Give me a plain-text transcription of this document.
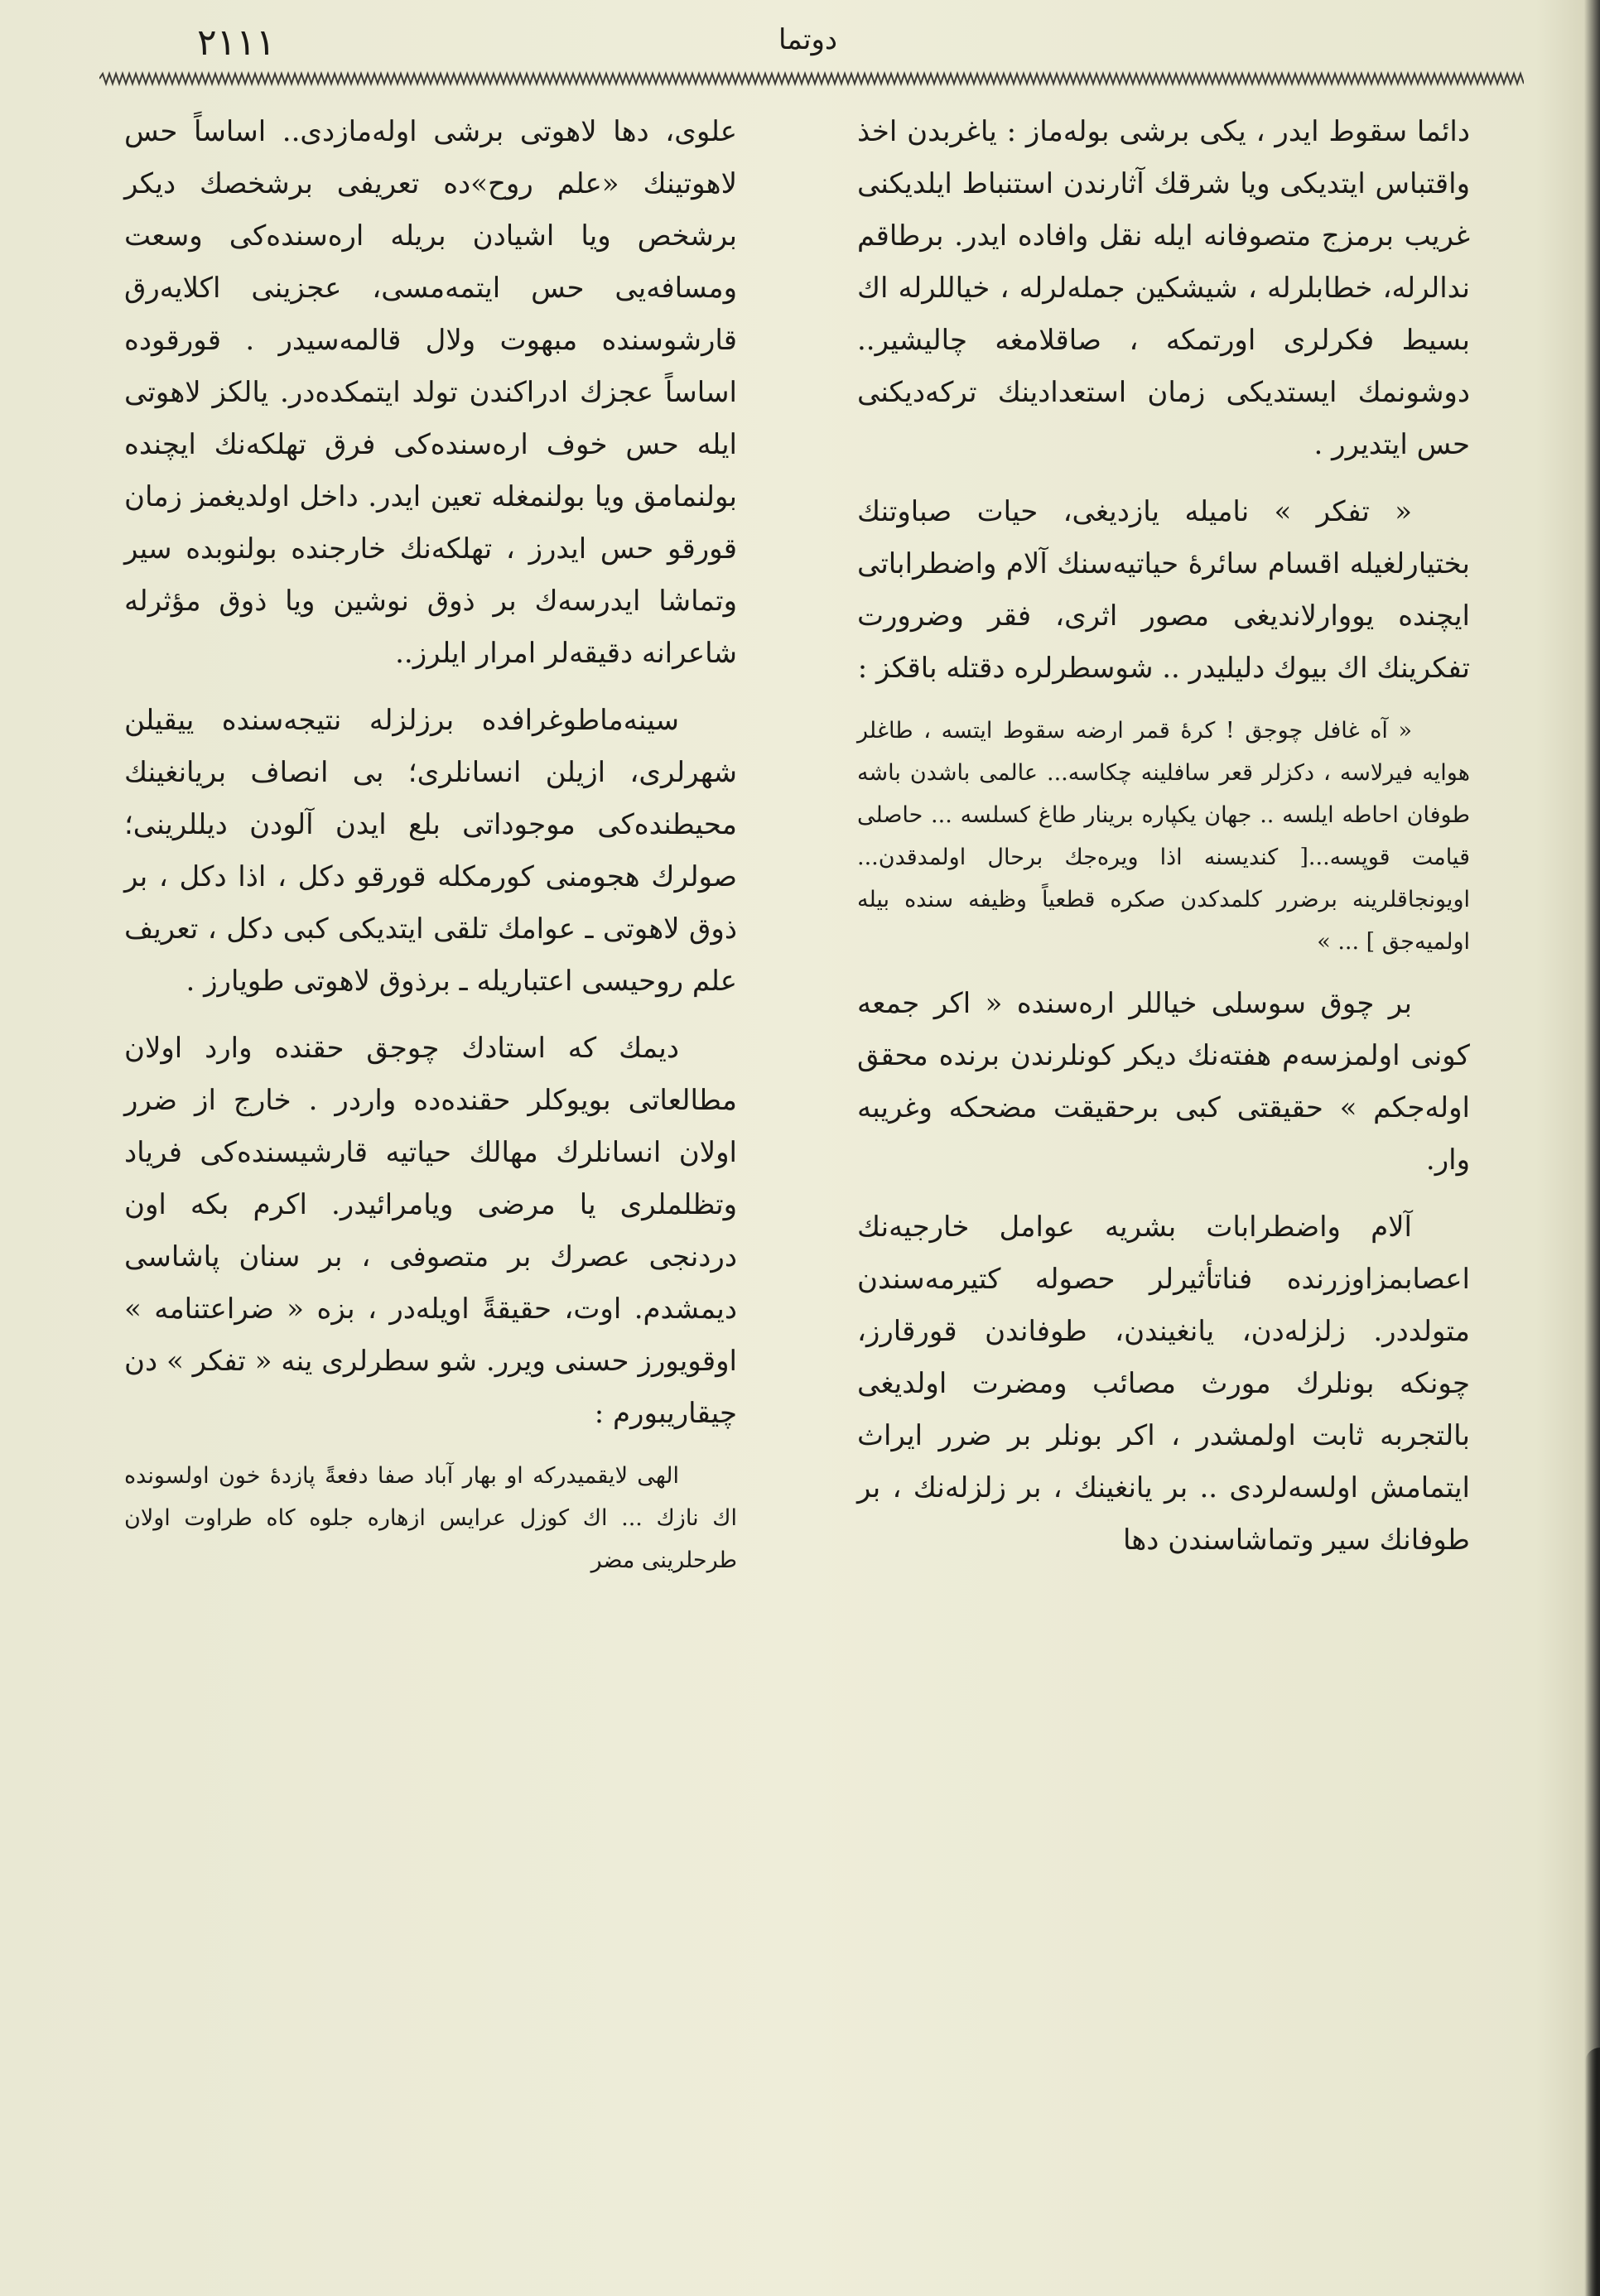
٢١١١	دوتما

دائما سقوط ايدر ، يكى برشى بوله‌ماز : ياغربدن اخذ واقتباس ايتديكى ويا شرقك آثارندن استنباط ايلديكنى غريب برمزج متصوفانه ايله نقل وافاده ايدر. برطاقم ندالرله، خطابلرله ، شيشكين جمله‌لرله ، خياللرله اك بسيط فكرلرى اورتمكه ، صاقلامغه چاليشير.. دوشونمك ايستديكى زمان استعدادينك تركه‌ديكنى حس ايتديرر .

« تفكر » ناميله يازديغى، حيات صباوتنك بختيارلغيله اقسام سائرهٔ حياتيه‌سنك آلام واضطراباتى ايچنده يووارلانديغى مصور اثرى، فقر وضرورت تفكرينك اك بيوك دليليدر .. شوسطرلره دقتله باقكز :

« آه غافل چوجق ! كرهٔ قمر ارضه سقوط ايتسه ، طاغلر هوايه فيرلاسه ، دكزلر قعر سافلينه چكاسه... عالمى باشدن باشه طوفان احاطه ايلسه .. جهان يكپاره برينار طاغ كسلسه ... حاصلى قيامت قوپسه...[ كنديسنه اذا ويره‌جك برحال اولمدقدن... اويونجاقلرينه برضرر كلمدكدن صكره قطعياً وظيفه سنده بيله اولميه‌جق ] ... »

بر چوق سوسلى خياللر ارەسنده « اكر جمعه كونى اولمزسه‌م هفته‌نك ديكر كونلرندن برنده محقق اوله‌جكم » حقيقتى كبى برحقيقت مضحكه وغريبه وار.

آلام واضطرابات بشريه عوامل خارجيه‌نك اعصابمزاوزرنده فناتأثيرلر حصوله كتيرمه‌سندن متولددر. زلزله‌دن، يانغيندن، طوفاندن قورقارز، چونكه بونلرك مورث مصائب ومضرت اولديغى بالتجربه ثابت اولمشدر ، اكر بونلر بر ضرر ايراث ايتمامش اولسه‌لردى .. بر يانغينك ، بر زلزله‌نك ، بر طوفانك سير وتماشاسندن دها

علوى، دها لاهوتى برشى اوله‌مازدى.. اساساً حس لاهوتينك «علم روح»ده تعريفى برشخصك ديكر برشخص ويا اشيادن بريله ارەسنده‌كى وسعت ومسافه‌يى حس ايتمه‌مسى، عجزينى اكلايه‌رق قارشوسنده مبهوت ولال قالمه‌سيدر . قورقوده اساساً عجزك ادراكندن تولد ايتمكده‌در. يالكز لاهوتى ايله حس خوف ارەسنده‌كى فرق تهلكه‌نك ايچنده بولنمامق ويا بولنمغله تعين ايدر. داخل اولديغمز زمان قورقو حس ايدرز ، تهلكه‌نك خارجنده بولنوبده سير وتماشا ايدرسه‌ك بر ذوق نوشين ويا ذوق مؤثرله شاعرانه دقيقه‌لر امرار ايلرز..

سينه‌ماطوغرافده برزلزله نتيجه‌سنده ييقيلن شهرلرى، ازيلن انسانلرى؛ بى انصاف بريانغينك محيطنده‌كى موجوداتى بلع ايدن آلودن ديللرينى؛ صولرك هجومنى كورمكله قورقو دكل ، اذا دكل ، بر ذوق لاهوتى ـ عوامك تلقى ايتديكى كبى دكل ، تعريف علم روحيسى اعتباريله ـ برذوق لاهوتى طويارز .

ديمك كه استادك چوجق حقنده وارد اولان مطالعاتى بويوكلر حقنده‌ده واردر . خارج از ضرر اولان انسانلرك مهالك حياتيه قارشيسنده‌كى فرياد وتظلملرى يا مرضى ويامرائيدر. اكرم بكه اون دردنجى عصرك بر متصوفى ، بر سنان پاشاسى ديمشدم. اوت، حقيقةً اويله‌در ، بزه « ضراعتنامه » اوقويورز حسنى ويرر. شو سطرلرى ينه « تفكر » دن چيقاريبورم :

الهى لايقميدركه او بهار آباد صفا دفعةً پازدهٔ خون اولسونده اك نازك ... اك كوزل عرايس ازهاره جلوه كاه طراوت اولان طرحلرينى مضر
